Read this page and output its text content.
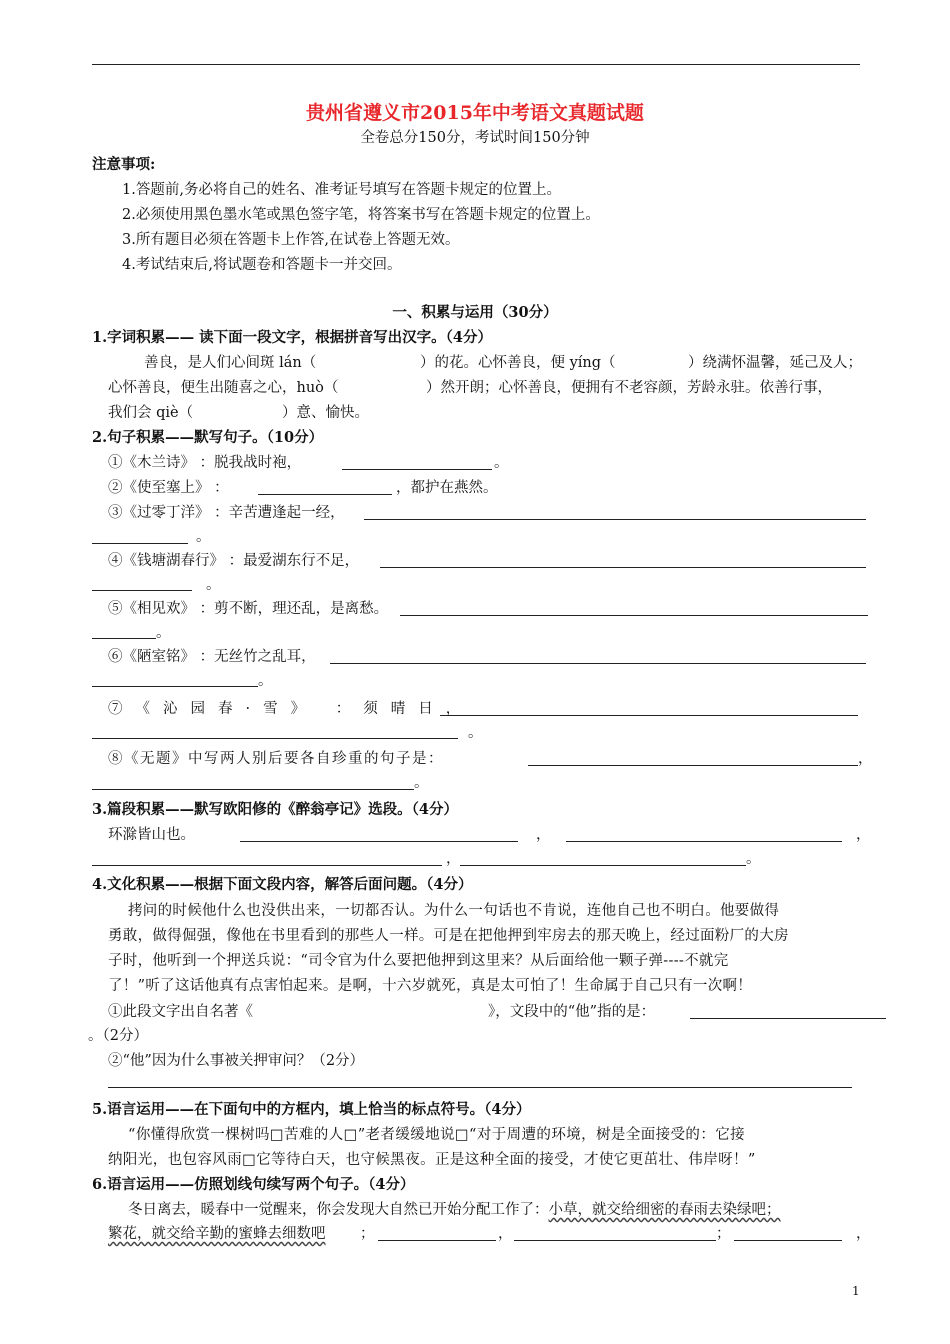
贵州省遵义市2015年中考语文真题试题
全卷总分150分，考试时间150分钟
注意事项:
1.答题前,务必将自己的姓名、准考证号填写在答题卡规定的位置上。
2.必须使用黑色墨水笔或黑色签字笔，将答案书写在答题卡规定的位置上。
3.所有题目必须在答题卡上作答,在试卷上答题无效。
4.考试结束后,将试题卷和答题卡一并交回。
一、积累与运用（30分）
1.字词积累—— 读下面一段文字，根据拼音写出汉字。（4分）
善良，是人们心间斑 lán（	）的花。心怀善良，便 yíng（	）绕满怀温馨，延己及人；
心怀善良，便生出随喜之心，huò（	）然开朗；心怀善良，便拥有不老容颜，芳龄永驻。依善行事，
我们会 qiè（	）意、愉快。
2.句子积累——默写句子。（10分）
①《木兰诗》 ：脱我战时袍，	。
②《使至塞上》 ：	，都护在燕然。
③《过零丁洋》 ：辛苦遭逢起一经，
。
④《钱塘湖春行》 ：最爱湖东行不足，
。
⑤《相见欢》 ：剪不断，理还乱，是离愁。
。
⑥《陋室铭》 ：无丝竹之乱耳，
。
⑦《沁园春·雪》 ：须晴日，
。
⑧《无题》中写两人别后要各自珍重的句子是：	，
。
3.篇段积累——默写欧阳修的《醉翁亭记》选段。（4分）
环滁皆山也。	，	，
，	。
4.文化积累——根据下面文段内容，解答后面问题。（4分）
拷问的时候他什么也没供出来，一切都否认。为什么一句话也不肯说，连他自己也不明白。他要做得
勇敢，做得倔强，像他在书里看到的那些人一样。可是在把他押到牢房去的那天晚上，经过面粉厂的大房
子时，他听到一个押送兵说：“司令官为什么要把他押到这里来？从后面给他一颗子弹----不就完
了！”听了这话他真有点害怕起来。是啊，十六岁就死，真是太可怕了！生命属于自己只有一次啊！
①此段文字出自名著《	》，文段中的“他”指的是：
。（2分）
②“他”因为什么事被关押审问？（2分）
5.语言运用——在下面句中的方框内，填上恰当的标点符号。（4分）
“你懂得欣赏一棵树吗□苦难的人□”老者缓缓地说□“对于周遭的环境，树是全面接受的：它接
纳阳光，也包容风雨□它等待白天，也守候黑夜。正是这种全面的接受，才使它更茁壮、伟岸呀！”
6.语言运用——仿照划线句续写两个句子。（4分）
冬日离去，暖春中一觉醒来，你会发现大自然已开始分配工作了：小草，就交给细密的春雨去染绿吧；
繁花，就交给辛勤的蜜蜂去细数吧 ；	，	；	，
1
